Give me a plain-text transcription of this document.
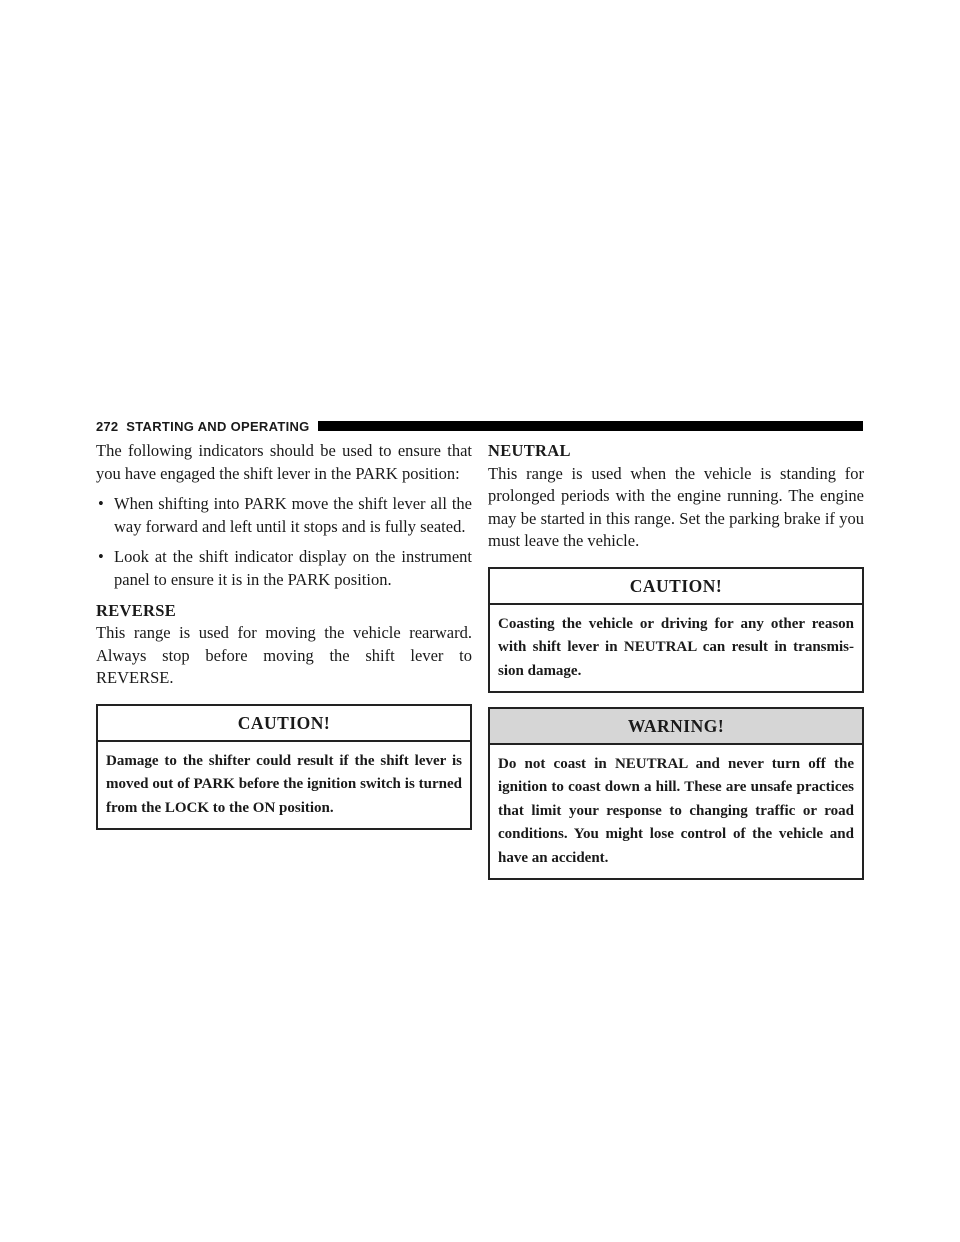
272 STARTING AND OPERATING

The following indicators should be used to ensure that you have engaged the shift lever in the PARK position:

• When shifting into PARK move the shift lever all the way forward and left until it stops and is fully seated.
• Look at the shift indicator display on the instrument panel to ensure it is in the PARK position.
REVERSE

This range is used for moving the vehicle rearward. Always stop before moving the shift lever to REVERSE.

CAUTION!
Damage to the shifter could result if the shift lever is moved out of PARK before the ignition switch is turned from the LOCK to the ON position.
NEUTRAL

This range is used when the vehicle is standing for prolonged periods with the engine running. The engine may be started in this range. Set the parking brake if you must leave the vehicle.

CAUTION!
Coasting the vehicle or driving for any other reason with shift lever in NEUTRAL can result in transmis-sion damage.
WARNING!
Do not coast in NEUTRAL and never turn off the ignition to coast down a hill. These are unsafe practices that limit your response to changing traffic or road conditions. You might lose control of the vehicle and have an accident.
